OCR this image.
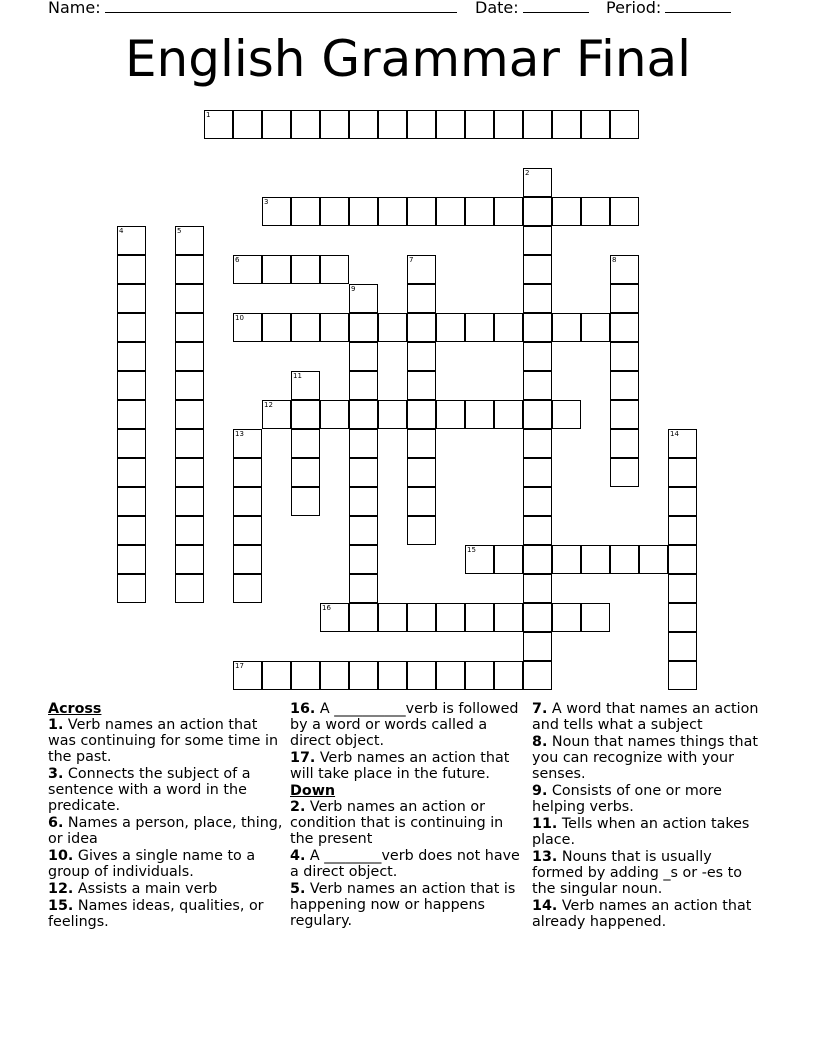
Name:	Date:	Period:
English Grammar Final
1
2
3
4	5
6	7	8
9
10
11
12
13	14
15
16
17
Across
1. Verb names an action that was continuing for some time in the past.
3. Connects the subject of a sentence with a word in the predicate.
6. Names a person, place, thing, or idea
10. Gives a single name to a group of individuals.
12. Assists a main verb
15. Names ideas, qualities, or feelings.
16. A __________verb is followed by a word or words called a direct object.
17. Verb names an action that will take place in the future.
Down
2. Verb names an action or condition that is continuing in the present
4. A ________verb does not have a direct object.
5. Verb names an action that is happening now or happens regulary.
7. A word that names an action and tells what a subject
8. Noun that names things that you can recognize with your senses.
9. Consists of one or more helping verbs.
11. Tells when an action takes place.
13. Nouns that is usually formed by adding _s or -es to the singular noun.
14. Verb names an action that already happened.
